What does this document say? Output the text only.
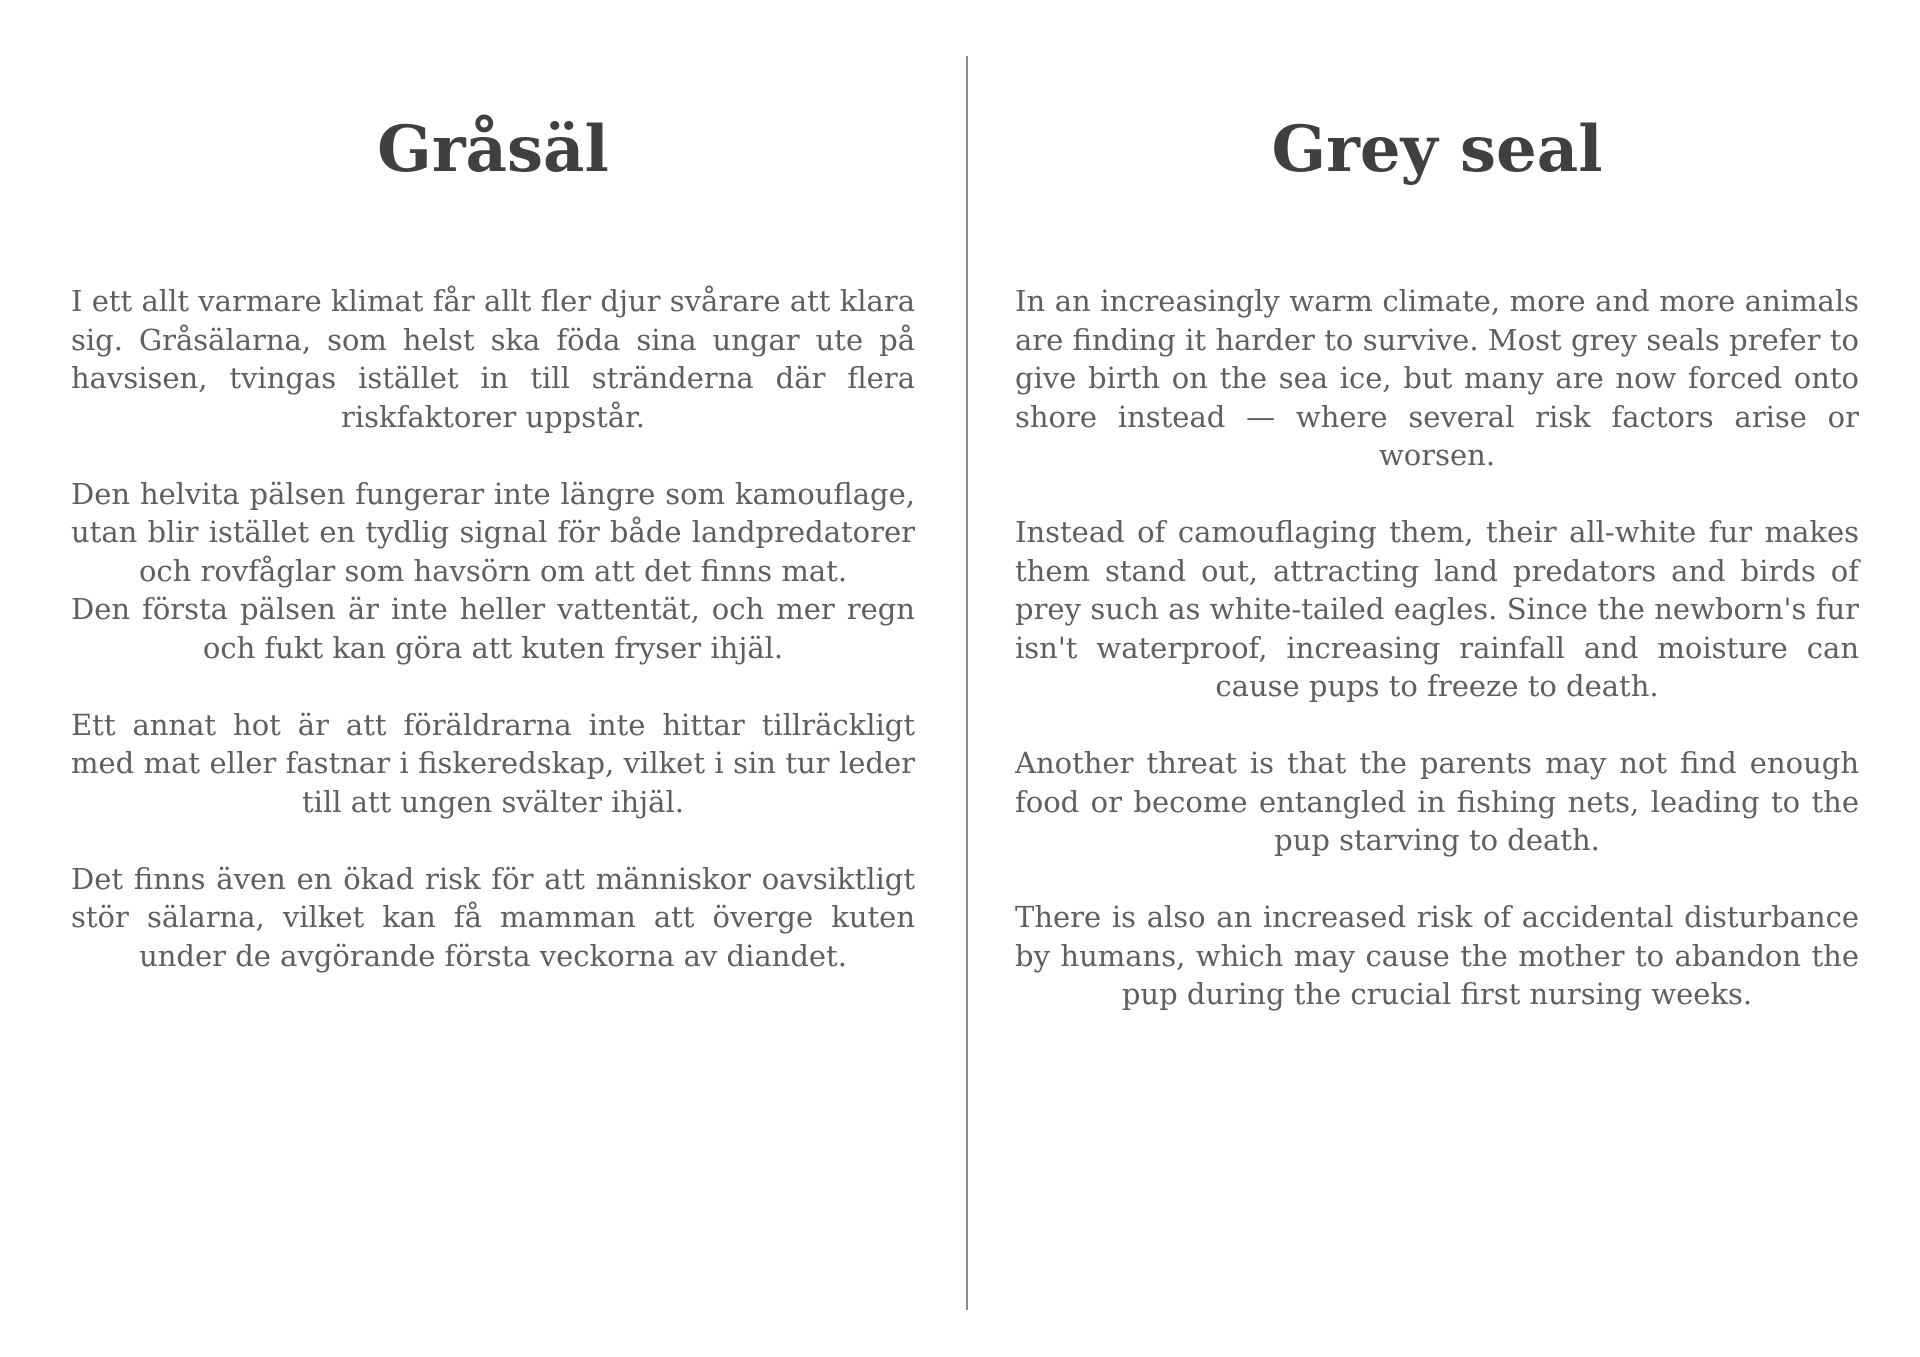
Gråsäl

I ett allt varmare klimat får allt fler djur svårare att klara sig. Gråsälarna, som helst ska föda sina ungar ute på havsisen, tvingas istället in till stränderna där flera riskfaktorer uppstår.

Den helvita pälsen fungerar inte längre som kamouflage, utan blir istället en tydlig signal för både landpredatorer och rovfåglar som havsörn om att det finns mat.
Den första pälsen är inte heller vattentät, och mer regn och fukt kan göra att kuten fryser ihjäl.

Ett annat hot är att föräldrarna inte hittar tillräckligt med mat eller fastnar i fiskeredskap, vilket i sin tur leder till att ungen svälter ihjäl.

Det finns även en ökad risk för att människor oavsiktligt stör sälarna, vilket kan få mamman att överge kuten under de avgörande första veckorna av diandet.

Grey seal

In an increasingly warm climate, more and more animals are finding it harder to survive. Most grey seals prefer to give birth on the sea ice, but many are now forced onto shore instead — where several risk factors arise or worsen.

Instead of camouflaging them, their all-white fur makes them stand out, attracting land predators and birds of prey such as white-tailed eagles. Since the newborn's fur isn't waterproof, increasing rainfall and moisture can cause pups to freeze to death.

Another threat is that the parents may not find enough food or become entangled in fishing nets, leading to the pup starving to death.

There is also an increased risk of accidental disturbance by humans, which may cause the mother to abandon the pup during the crucial first nursing weeks.
